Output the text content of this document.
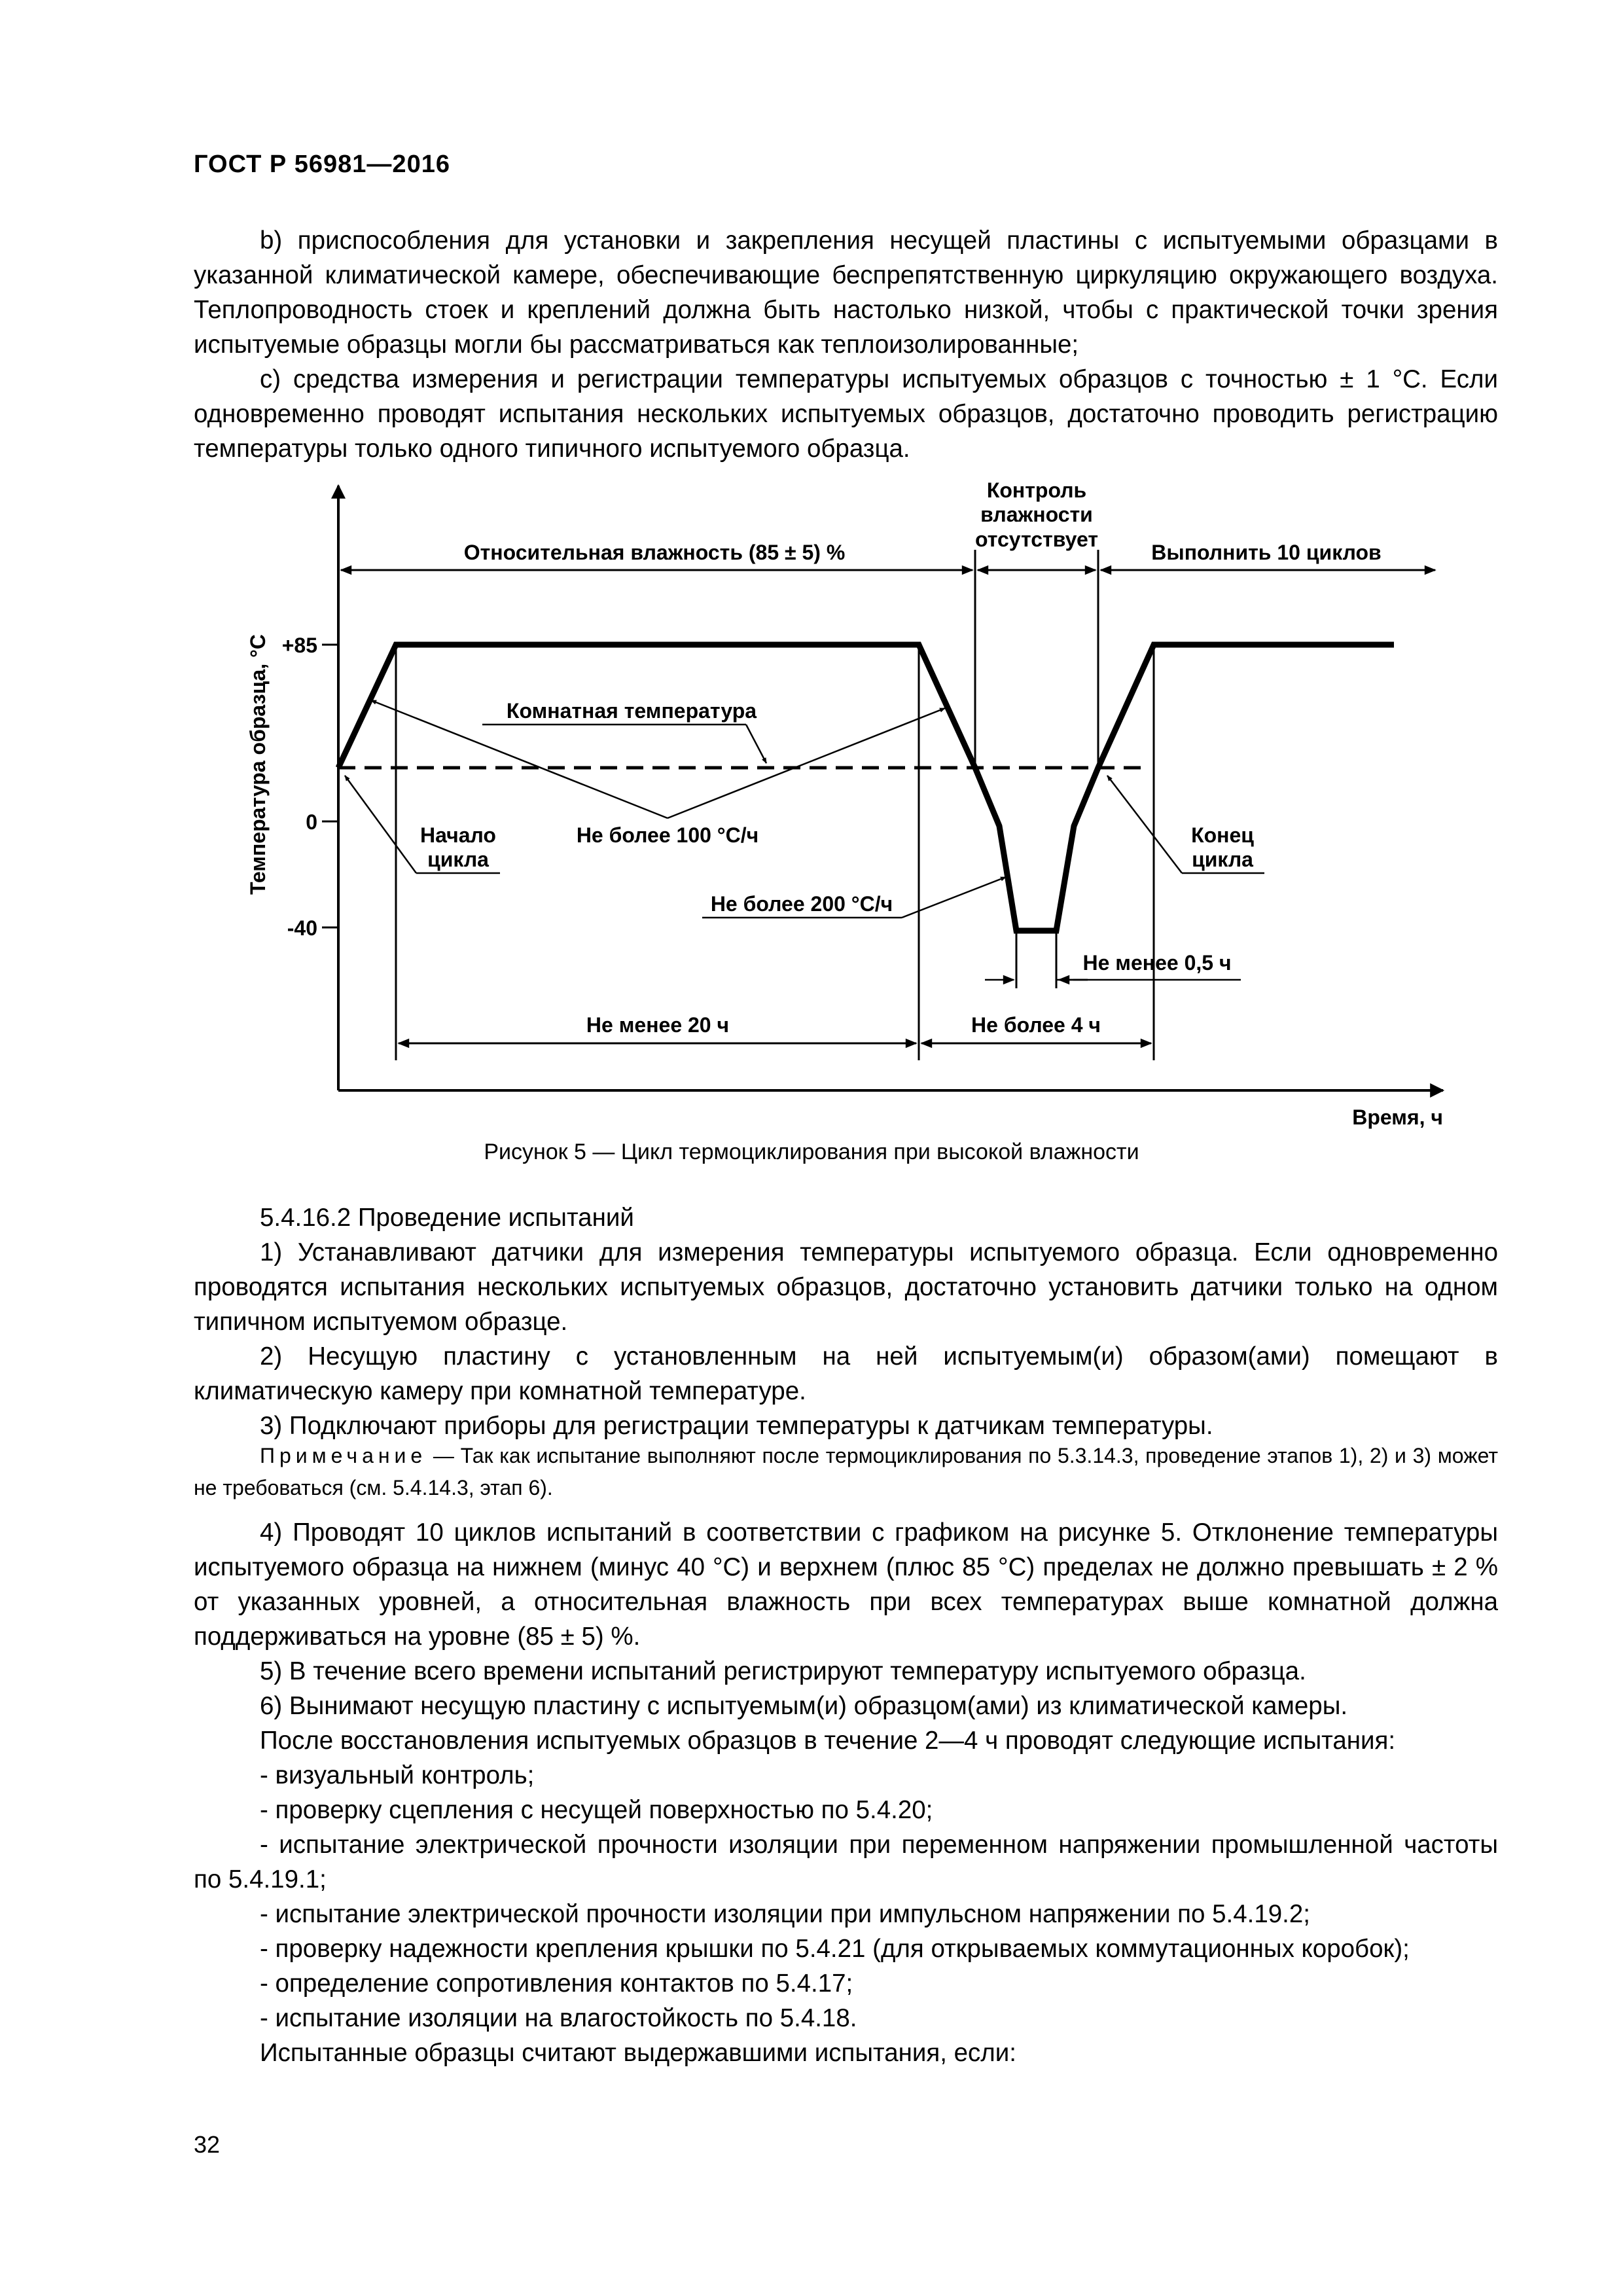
ГОСТ Р 56981—2016

b) приспособления для установки и закрепления несущей пластины с испытуемыми образцами в указанной климатической камере, обеспечивающие беспрепятственную циркуляцию окружающего воздуха. Теплопроводность стоек и креплений должна быть настолько низкой, чтобы с практической точки зрения испытуемые образцы могли бы рассматриваться как теплоизолированные;

с) средства измерения и регистрации температуры испытуемых образцов с точностью ± 1 °С. Если одновременно проводят испытания нескольких испытуемых образцов, достаточно проводить регистрацию температуры только одного типичного испытуемого образца.

+85
0
-40
Температура образца, °С
Время, ч
Относительная влажность (85 ± 5) %
Контроль
влажности
отсутствует
Выполнить 10 циклов
Комнатная температура
Начало
цикла
Не более 100 °С/ч
Не более 200 °С/ч
Конец
цикла
Не менее 0,5 ч
Не менее 20 ч	Не более 4 ч
Рисунок 5 — Цикл термоциклирования при высокой влажности

5.4.16.2 Проведение испытаний

1) Устанавливают датчики для измерения температуры испытуемого образца. Если одновременно проводятся испытания нескольких испытуемых образцов, достаточно установить датчики только на одном типичном испытуемом образце.

2) Несущую пластину с установленным на ней испытуемым(и) образом(ами) помещают в климатическую камеру при комнатной температуре.

3) Подключают приборы для регистрации температуры к датчикам температуры.

Примечание — Так как испытание выполняют после термоциклирования по 5.3.14.3, проведение этапов 1), 2) и 3) может не требоваться (см. 5.4.14.3, этап 6).

4) Проводят 10 циклов испытаний в соответствии с графиком на рисунке 5. Отклонение температуры испытуемого образца на нижнем (минус 40 °С) и верхнем (плюс 85 °С) пределах не должно превышать ± 2 % от указанных уровней, а относительная влажность при всех температурах выше комнатной должна поддерживаться на уровне (85 ± 5) %.

5) В течение всего времени испытаний регистрируют температуру испытуемого образца.

6) Вынимают несущую пластину с испытуемым(и) образцом(ами) из климатической камеры.

После восстановления испытуемых образцов в течение 2—4 ч проводят следующие испытания:

- визуальный контроль;

- проверку сцепления с несущей поверхностью по 5.4.20;

- испытание электрической прочности изоляции при переменном напряжении промышленной частоты по 5.4.19.1;

- испытание электрической прочности изоляции при импульсном напряжении по 5.4.19.2;

- проверку надежности крепления крышки по 5.4.21 (для открываемых коммутационных коробок);

- определение сопротивления контактов по 5.4.17;

- испытание изоляции на влагостойкость по 5.4.18.

Испытанные образцы считают выдержавшими испытания, если:

32
